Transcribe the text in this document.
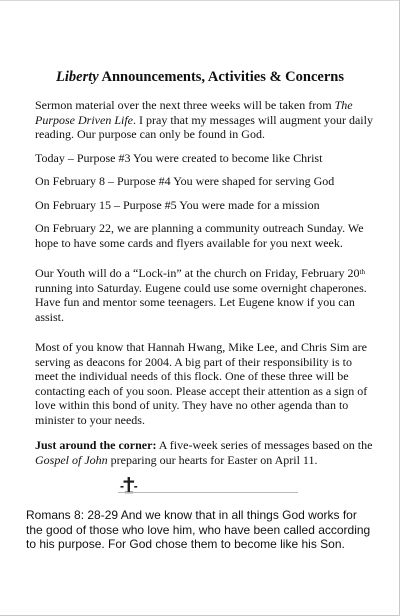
Liberty Announcements, Activities & Concerns

Sermon material over the next three weeks will be taken from The Purpose Driven Life. I pray that my messages will augment your daily reading. Our purpose can only be found in God.

Today – Purpose #3 You were created to become like Christ

On February 8 – Purpose #4 You were shaped for serving God

On February 15 – Purpose #5 You were made for a mission

On February 22, we are planning a community outreach Sunday. We hope to have some cards and flyers available for you next week.

Our Youth will do a “Lock-in” at the church on Friday, February 20th running into Saturday. Eugene could use some overnight chaperones. Have fun and mentor some teenagers. Let Eugene know if you can assist.

Most of you know that Hannah Hwang, Mike Lee, and Chris Sim are serving as deacons for 2004. A big part of their responsibility is to meet the individual needs of this flock. One of these three will be contacting each of you soon. Please accept their attention as a sign of love within this bond of unity. They have no other agenda than to minister to your needs.

Just around the corner: A five-week series of messages based on the Gospel of John preparing our hearts for Easter on April 11.

Romans 8: 28-29 And we know that in all things God works for the good of those who love him, who have been called according to his purpose. For God chose them to become like his Son.
